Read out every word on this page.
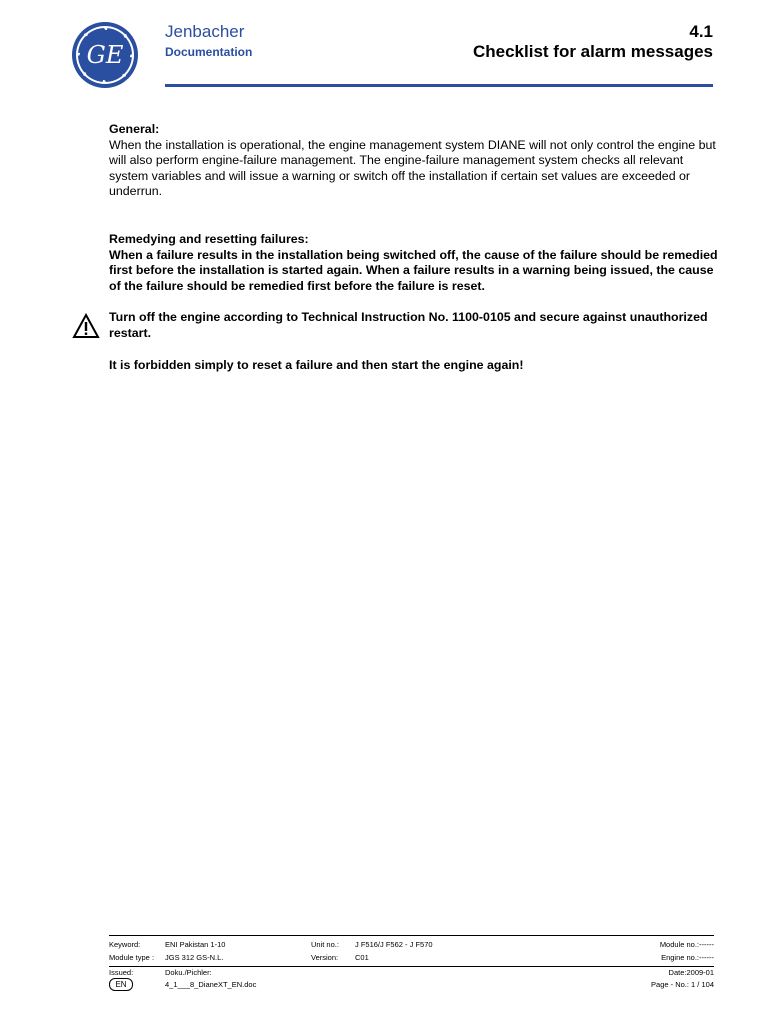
GE
Jenbacher
Documentation
4.1
Checklist for alarm messages

General:

When the installation is operational, the engine management system DIANE will not only control the engine but will also perform engine-failure management. The engine-failure management system checks all relevant system variables and will issue a warning or switch off the installation if certain set values are exceeded or underrun.

Remedying and resetting failures:

When a failure results in the installation being switched off, the cause of the failure should be remedied first before the installation is started again. When a failure results in a warning being issued, the cause of the failure should be remedied first before the failure is reset.

Turn off the engine according to Technical Instruction No. 1100-0105 and secure against unauthorized restart.

It is forbidden simply to reset a failure and then start the engine again!

Keyword:	ENI Pakistan 1-10	Unit no.: J F516/J F562 - J F570	Module no.:------
Module type : JGS 312 GS-N.L.	Version: C01	Engine no.:------
Issued:	Doku./Pichler:	Date:2009-01
EN	4_1___8_DianeXT_EN.doc	Page - No.: 1 / 104
